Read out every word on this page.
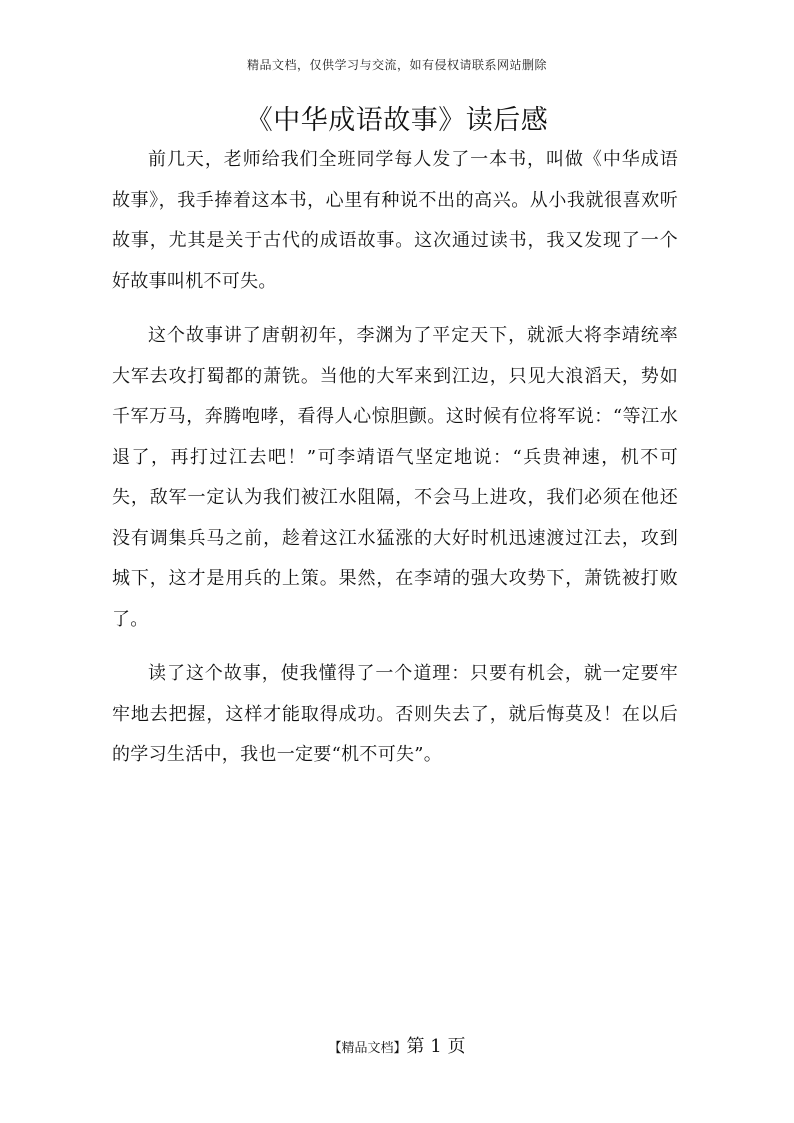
精品文档，仅供学习与交流，如有侵权请联系网站删除
《中华成语故事》读后感

前几天，老师给我们全班同学每人发了一本书，叫做《中华成语故事》，我手捧着这本书，心里有种说不出的高兴。从小我就很喜欢听故事，尤其是关于古代的成语故事。这次通过读书，我又发现了一个好故事叫机不可失。

这个故事讲了唐朝初年，李渊为了平定天下，就派大将李靖统率大军去攻打蜀都的萧铣。当他的大军来到江边，只见大浪滔天，势如千军万马，奔腾咆哮，看得人心惊胆颤。这时候有位将军说：“等江水退了，再打过江去吧！”可李靖语气坚定地说：“兵贵神速，机不可失，敌军一定认为我们被江水阻隔，不会马上进攻，我们必须在他还没有调集兵马之前，趁着这江水猛涨的大好时机迅速渡过江去，攻到城下，这才是用兵的上策。果然，在李靖的强大攻势下，萧铣被打败了。

读了这个故事，使我懂得了一个道理：只要有机会，就一定要牢牢地去把握，这样才能取得成功。否则失去了，就后悔莫及！在以后的学习生活中，我也一定要“机不可失”。

【精品文档】第 1 页
